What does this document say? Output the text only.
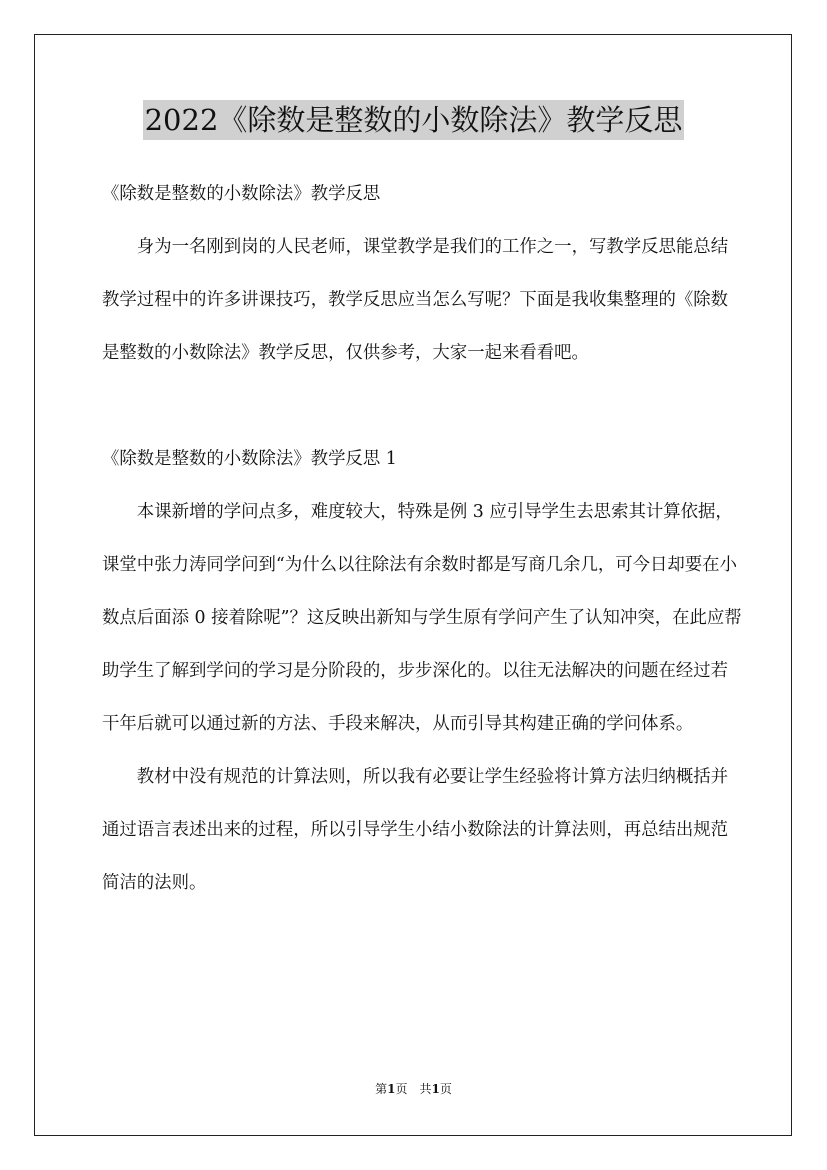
2022《除数是整数的小数除法》教学反思

《除数是整数的小数除法》教学反思

身为一名刚到岗的人民老师，课堂教学是我们的工作之一，写教学反思能总结教学过程中的许多讲课技巧，教学反思应当怎么写呢？下面是我收集整理的《除数是整数的小数除法》教学反思，仅供参考，大家一起来看看吧。

《除数是整数的小数除法》教学反思 1

本课新增的学问点多，难度较大，特殊是例 3 应引导学生去思索其计算依据，课堂中张力涛同学问到“为什么以往除法有余数时都是写商几余几，可今日却要在小数点后面添 0 接着除呢”？这反映出新知与学生原有学问产生了认知冲突，在此应帮助学生了解到学问的学习是分阶段的，步步深化的。以往无法解决的问题在经过若干年后就可以通过新的方法、手段来解决，从而引导其构建正确的学问体系。

教材中没有规范的计算法则，所以我有必要让学生经验将计算方法归纳概括并通过语言表述出来的过程，所以引导学生小结小数除法的计算法则，再总结出规范简洁的法则。

第1页　共1页
